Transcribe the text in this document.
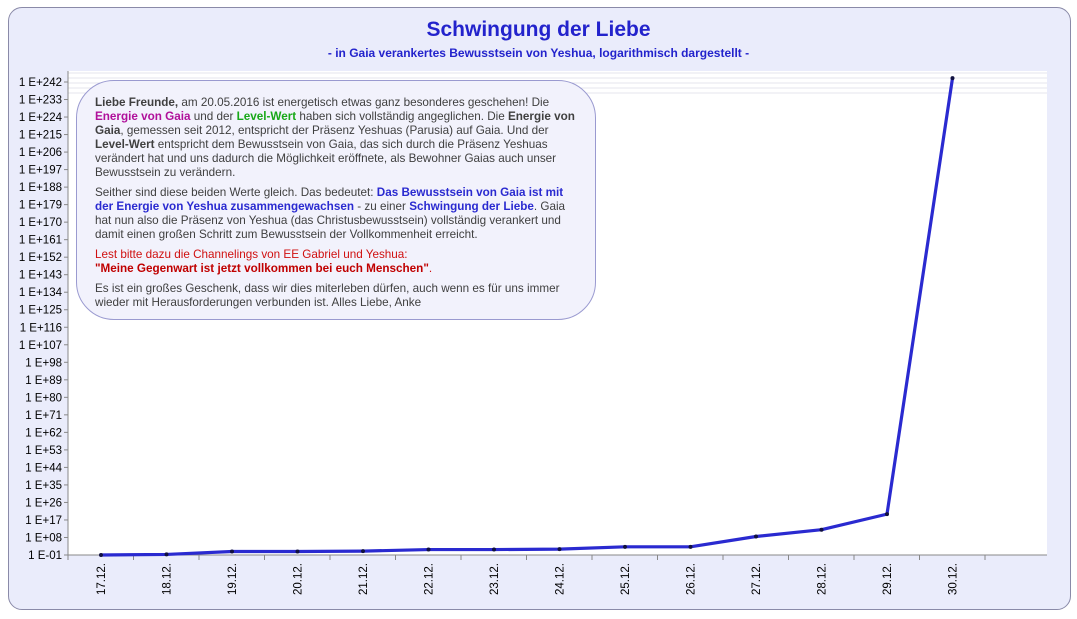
Schwingung der Liebe
- in Gaia verankertes Bewusstsein von Yeshua, logarithmisch dargestellt -
1 E-01
1 E+08
1 E+17
1 E+26
1 E+35
1 E+44
1 E+53
1 E+62
1 E+71
1 E+80
1 E+89
1 E+98
1 E+107
1 E+116
1 E+125
1 E+134
1 E+143
1 E+152
1 E+161
1 E+170
1 E+179
1 E+188
1 E+197
1 E+206
1 E+215
1 E+224
1 E+233
1 E+242
17.12.	18.12.	19.12.	20.12.	21.12.	22.12.	23.12.	24.12.	25.12.	26.12.	27.12.	28.12.	29.12.	30.12.

Liebe Freunde, am 20.05.2016 ist energetisch etwas ganz besonderes geschehen! Die Energie von Gaia und der Level-Wert haben sich vollständig angeglichen. Die Energie von Gaia, gemessen seit 2012, entspricht der Präsenz Yeshuas (Parusia) auf Gaia. Und der Level-Wert entspricht dem Bewusstsein von Gaia, das sich durch die Präsenz Yeshuas verändert hat und uns dadurch die Möglichkeit eröffnete, als Bewohner Gaias auch unser Bewusstsein zu verändern.

Seither sind diese beiden Werte gleich. Das bedeutet: Das Bewusstsein von Gaia ist mit der Energie von Yeshua zusammengewachsen - zu einer Schwingung der Liebe. Gaia hat nun also die Präsenz von Yeshua (das Christusbewusstsein) vollständig verankert und damit einen großen Schritt zum Bewusstsein der Vollkommenheit erreicht.

Lest bitte dazu die Channelings von EE Gabriel und Yeshua:
"Meine Gegenwart ist jetzt vollkommen bei euch Menschen".

Es ist ein großes Geschenk, dass wir dies miterleben dürfen, auch wenn es für uns immer wieder mit Herausforderungen verbunden ist. Alles Liebe, Anke
